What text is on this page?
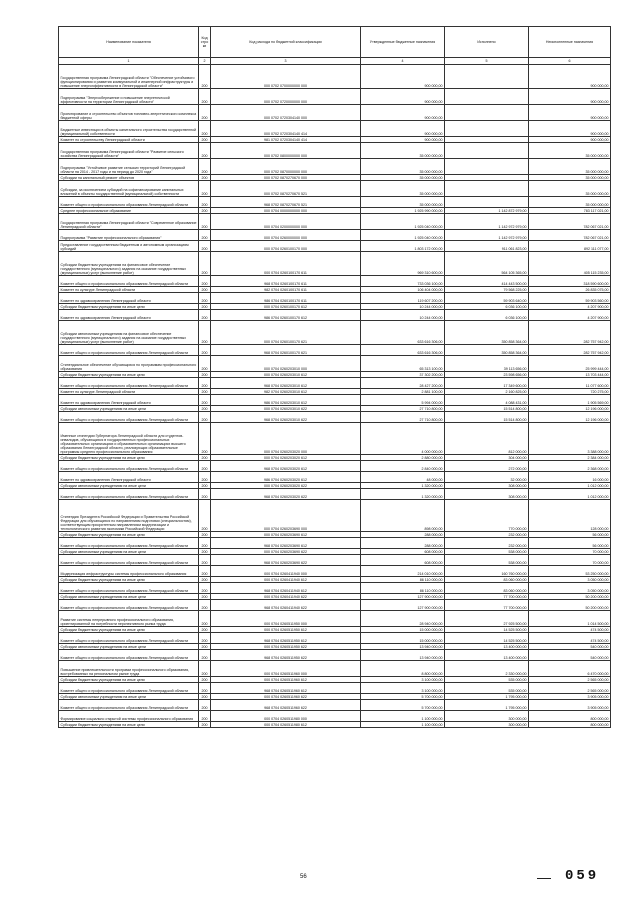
Наименование показателя	Код стро ки	Код расхода по бюджетной классификации	Утвержденные бюджетные назначения	Исполнено	Неисполненные назначения
1	2	3	4	5	6
Государственная программа Ленинградской области "Обеспечение устойчивого функционирования и развития коммунальной и инженерной инфраструктуры и повышение энергоэффективности в Ленинградской области"	200	000 0702 0700000000 000	900 000,00		900 000,00
Подпрограмма "Энергосбережение и повышение энергетической эффективности на территории Ленинградской области"	200	000 0702 0720000000 000	900 000,00		900 000,00
Проектирование и строительство объектов топливно-энергетического комплекса бюджетной сферы	200	000 0702 0720304140 000	900 000,00		900 000,00
Бюджетные инвестиции в объекты капитального строительства государственной (муниципальной) собственности	200	000 0702 0720304140 414	900 000,00		900 000,00
Комитет по строительству Ленинградской области	200	981 0702 0720304140 414	900 000,00		900 000,00
Государственная программа Ленинградской области "Развитие сельского хозяйства Ленинградской области"	200	000 0702 0800000000 000	35 000 000,00		35 000 000,00
Подпрограмма "Устойчивое развитие сельских территорий Ленинградской области на 2014 - 2017 годы и на период до 2020 года"	200	000 0702 0870000000 000	35 000 000,00		35 000 000,00
Субсидии на капитальный ремонт объектов	200	000 0702 0870270670 000	35 000 000,00		35 000 000,00
Субсидии, за исключением субсидий на софинансирование капитальных вложений в объекты государственной (муниципальной) собственности	200	000 0702 0870270670 521	35 000 000,00		35 000 000,00
Комитет общего и профессионального образования Ленинградской области	200	968 0702 0870270670 521	35 000 000,00		35 000 000,00
Среднее профессиональное образование	200	000 0704 0000000000 000	1 925 990 000,00	1 142 872 979,00	783 117 021,00
Государственная программа Ленинградской области "Современное образование Ленинградской области"	200	000 0704 0200000000 000	1 925 040 000,00	1 142 972 979,00	782 067 021,00
Подпрограмма "Развитие профессионального образования"	200	000 0704 0260000000 000	1 925 040 000,00	1 142 972 979,00	782 067 021,00
Предоставление государственным бюджетным и автономным организациям субсидий	200	000 0704 0260100170 000	1 803 172 000,00	911 061 823,00	892 111 077,00
Субсидии бюджетным учреждениям на финансовое обеспечение государственного (муниципального) задания на оказание государственных (муниципальных) услуг (выполнение работ)	200	000 0704 0260100170 611	969 310 600,00	564 105 365,00	405 115 235,00
Комитет общего и профессионального образования Ленинградской области	200	968 0704 0260100170 611	733 036 100,00	414 443 500,00	318 590 600,00
Комитет по культуре Ленинградской области	200	982 0704 0260100170 611	106 404 000,00	79 568 225,00	26 835 075,00
Комитет по здравоохранению Ленинградской области	200	986 0704 0260100170 611	119 607 200,00	59 903 640,00	59 903 560,00
Субсидии бюджетным учреждениям на иные цели	200	000 0704 0260100170 612	10 244 000,00	6 036 100,00	4 207 900,00
Комитет по здравоохранению Ленинградской области	200	986 0704 0260100170 612	10 244 000,00	6 036 100,00	4 207 900,00
Субсидии автономным учреждениям на финансовое обеспечение государственного (муниципального) задания на оказание государственных (муниципальных) услуг (выполнение работ)	200	000 0704 0260100170 621	633 616 306,00	350 858 364,00	282 757 942,00
Комитет общего и профессионального образования Ленинградской области	200	968 0704 0260100170 621	633 616 306,00	350 858 364,00	282 757 942,00
Стипендиальное обеспечение обучающихся по программам профессионального образования	200	000 0704 0260203010 000	65 313 100,00	39 113 656,00	25 999 444,00
Субсидии бюджетным учреждениям на иные цели	200	000 0704 0260203010 612	37 302 200,00	23 598 656,00	13 703 444,00
Комитет общего и профессионального образования Ленинградской области	200	968 0704 0260203010 612	28 427 200,00	17 349 600,00	11 077 600,00
Комитет по культуре Ленинградской области	200	982 0704 0260203010 612	2 881 100,00	2 160 825,00	720 275,00
Комитет по здравоохранению Ленинградской области	200	986 0704 0260203010 612	5 994 000,00	4 088 431,00	1 905 569,00
Субсидии автономным учреждениям на иные цели	200	000 0704 0260203010 622	27 710 800,00	15 514 800,00	12 196 000,00
Комитет общего и профессионального образования Ленинградской области	200	968 0704 0260203010 622	27 710 800,00	15 514 800,00	12 196 000,00
Именные стипендии Губернатора Ленинградской области для студентов-инвалидов, обучающихся в государственных профессиональных образовательных организациях и образовательных организациях высшего образования Ленинградской области, реализующих образовательные программы среднего профессионального образования	200	000 0704 0260203020 000	4 000 000,00	812 000,00	3 388 000,00
Субсидии бюджетным учреждениям на иные цели	200	000 0704 0260203020 612	2 880 000,00	304 000,00	2 384 000,00
Комитет общего и профессионального образования Ленинградской области	200	968 0704 0260203020 612	2 840 000,00	272 000,00	2 368 000,00
Комитет по здравоохранению Ленинградской области	200	986 0704 0260203020 612	48 000,00	32 000,00	16 000,00
Субсидии автономным учреждениям на иные цели	200	000 0704 0260203020 622	1 320 000,00	308 000,00	1 012 000,00
Комитет общего и профессионального образования Ленинградской области	200	968 0704 0260203020 622	1 320 000,00	308 000,00	1 012 000,00
Стипендия Президента Российской Федерации и Правительства Российской Федерации для обучающихся по направлениям подготовки (специальностям), соответствующим приоритетным направлениям модернизации и технологического развития экономики Российской Федерации	200	000 0704 0260203690 000	898 000,00	770 000,00	128 000,00
Субсидии бюджетным учреждениям на иные цели	200	000 0704 0260203690 612	288 000,00	232 000,00	56 000,00
Комитет общего и профессионального образования Ленинградской области	200	968 0704 0260203690 612	288 000,00	232 000,00	56 000,00
Субсидии автономным учреждениям на иные цели	200	000 0704 0260203690 622	608 000,00	538 000,00	70 000,00
Комитет общего и профессионального образования Ленинградской области	200	968 0704 0260203690 622	608 000,00	538 000,00	70 000,00
Модернизация инфраструктуры системы профессионального образования	200	000 0704 0260411940 000	214 010 000,00	160 760 000,00	53 250 000,00
Субсидии бюджетным учреждениям на иные цели	200	000 0704 0260411940 612	86 110 000,00	83 060 000,00	3 050 000,00
Комитет общего и профессионального образования Ленинградской области	200	968 0704 0260411940 612	86 110 000,00	83 060 000,00	3 050 000,00
Субсидии автономным учреждениям на иные цели	200	000 0704 0260411940 622	127 900 000,00	77 700 000,00	50 200 000,00
Комитет общего и профессионального образования Ленинградской области	200	968 0704 0260411940 622	127 900 000,00	77 700 000,00	50 200 000,00
Развитие системы непрерывного профессионального образования, ориентированной на потребности перспективного рынка труда	200	000 0704 0260511950 000	28 940 000,00	27 925 500,00	1 014 500,00
Субсидии бюджетным учреждениям на иные цели	200	000 0704 0260511950 612	15 000 000,00	14 525 500,00	474 500,00
Комитет общего и профессионального образования Ленинградской области	200	968 0704 0260511950 612	15 000 000,00	14 525 500,00	474 500,00
Субсидии автономным учреждениям на иные цели	200	000 0704 0260511950 622	13 940 000,00	13 400 000,00	540 000,00
Комитет общего и профессионального образования Ленинградской области	200	968 0704 0260511950 622	13 940 000,00	13 400 000,00	540 000,00
Повышение привлекательности программ профессионального образования, востребованных на региональном рынке труда	200	000 0704 0260511960 000	8 800 000,00	2 330 000,00	6 470 000,00
Субсидии бюджетным учреждениям на иные цели	200	000 0704 0260511960 612	3 100 000,00	535 000,00	2 565 000,00
Комитет общего и профессионального образования Ленинградской области	200	968 0704 0260511960 612	3 100 000,00	535 000,00	2 565 000,00
Субсидии автономным учреждениям на иные цели	200	000 0704 0260511960 622	5 700 000,00	1 795 000,00	3 905 000,00
Комитет общего и профессионального образования Ленинградской области	200	968 0704 0260511960 622	5 700 000,00	1 795 000,00	3 905 000,00
Формирование социально открытой системы профессионального образования	200	000 0704 0260511980 000	1 100 000,00	300 000,00	800 000,00
Субсидии бюджетным учреждениям на иные цели	200	000 0704 0260511980 612	1 100 000,00	300 000,00	800 000,00
56	059
